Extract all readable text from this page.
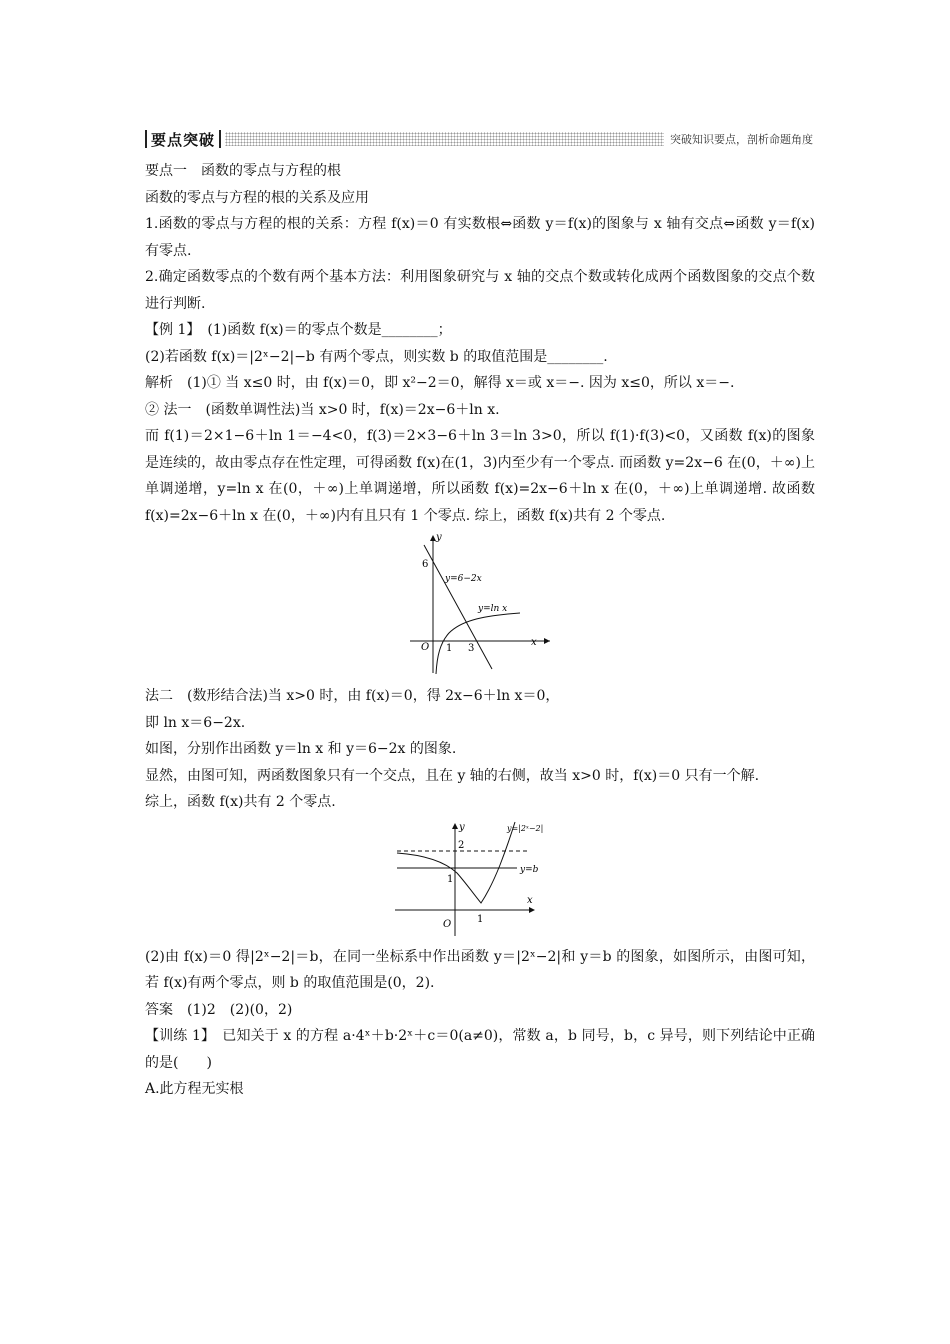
要点突破	突破知识要点，剖析命题角度

要点一　函数的零点与方程的根

函数的零点与方程的根的关系及应用

1.函数的零点与方程的根的关系：方程 f(x)＝0 有实数根⇔函数 y＝f(x)的图象与 x 轴有交点⇔函数 y＝f(x)有零点.

2.确定函数零点的个数有两个基本方法：利用图象研究与 x 轴的交点个数或转化成两个函数图象的交点个数进行判断.

【例 1】　(1)函数 f(x)＝的零点个数是________；

(2)若函数 f(x)＝|2ˣ−2|−b 有两个零点，则实数 b 的取值范围是________.

解析　(1)① 当 x≤0 时，由 f(x)＝0，即 x²−2＝0，解得 x＝或 x＝−. 因为 x≤0，所以 x＝−.

② 法一　(函数单调性法)当 x>0 时，f(x)＝2x−6＋ln x.

而 f(1)＝2×1−6＋ln 1＝−4<0，f(3)＝2×3−6＋ln 3＝ln 3>0，所以 f(1)·f(3)<0，又函数 f(x)的图象是连续的，故由零点存在性定理，可得函数 f(x)在(1，3)内至少有一个零点. 而函数 y=2x−6 在(0，＋∞)上单调递增，y=ln x 在(0，＋∞)上单调递增，所以函数 f(x)=2x−6＋ln x 在(0，＋∞)上单调递增. 故函数 f(x)=2x−6＋ln x 在(0，＋∞)内有且只有 1 个零点. 综上，函数 f(x)共有 2 个零点.

y
x
O
6
1 3
y=6−2x
y=ln x

法二　(数形结合法)当 x>0 时，由 f(x)＝0，得 2x−6＋ln x＝0，

即 ln x＝6−2x.

如图，分别作出函数 y＝ln x 和 y＝6−2x 的图象.

显然，由图可知，两函数图象只有一个交点，且在 y 轴的右侧，故当 x>0 时，f(x)＝0 只有一个解.

综上，函数 f(x)共有 2 个零点.

y
x
O
2
1
1
y=|2ˣ−2|
y=b

(2)由 f(x)＝0 得|2ˣ−2|＝b，在同一坐标系中作出函数 y＝|2ˣ−2|和 y＝b 的图象，如图所示，由图可知，若 f(x)有两个零点，则 b 的取值范围是(0，2).

答案　(1)2　(2)(0，2)

【训练 1】　已知关于 x 的方程 a·4ˣ＋b·2ˣ＋c＝0(a≠0)，常数 a，b 同号，b，c 异号，则下列结论中正确的是(　　)

A.此方程无实根
